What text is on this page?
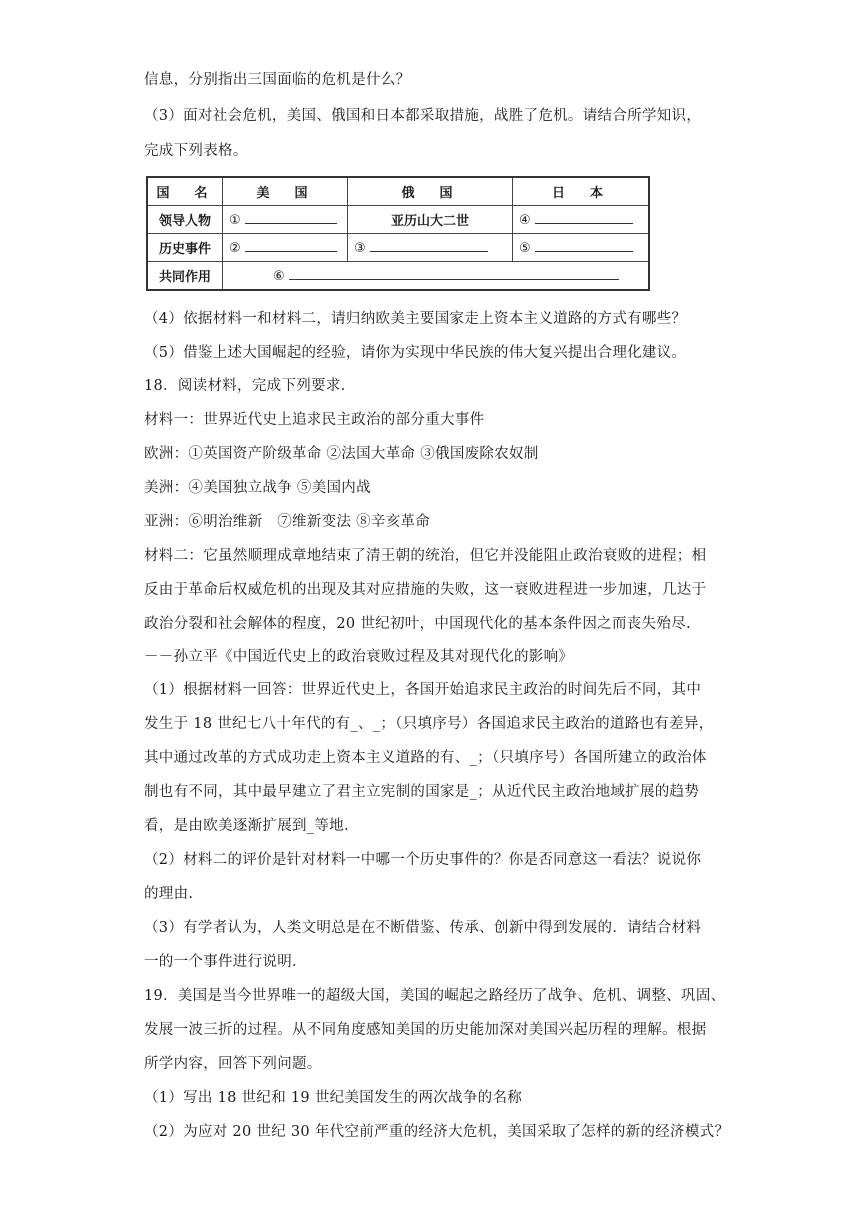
信息，分别指出三国面临的危机是什么？
（3）面对社会危机，美国、俄国和日本都采取措施，战胜了危机。请结合所学知识，
完成下列表格。
国　名	美　国	俄　国	日　本
领导人物	①	亚历山大二世	④
历史事件	②	③	⑤
共同作用	⑥		
（4）依据材料一和材料二，请归纳欧美主要国家走上资本主义道路的方式有哪些？
（5）借鉴上述大国崛起的经验，请你为实现中华民族的伟大复兴提出合理化建议。
18．阅读材料，完成下列要求.
材料一：世界近代史上追求民主政治的部分重大事件
欧洲：①英国资产阶级革命 ②法国大革命 ③俄国废除农奴制
美洲：④美国独立战争 ⑤美国内战
亚洲：⑥明治维新　⑦维新变法 ⑧辛亥革命
材料二：它虽然顺理成章地结束了清王朝的统治，但它并没能阻止政治衰败的进程；相
反由于革命后权威危机的出现及其对应措施的失败，这一衰败进程进一步加速，几达于
政治分裂和社会解体的程度，20 世纪初叶，中国现代化的基本条件因之而丧失殆尽.
－－孙立平《中国近代史上的政治衰败过程及其对现代化的影响》
（1）根据材料一回答：世界近代史上，各国开始追求民主政治的时间先后不同，其中
发生于 18 世纪七八十年代的有_、_；（只填序号）各国追求民主政治的道路也有差异，
其中通过改革的方式成功走上资本主义道路的有、_；（只填序号）各国所建立的政治体
制也有不同，其中最早建立了君主立宪制的国家是_；从近代民主政治地域扩展的趋势
看，是由欧美逐渐扩展到_等地.
（2）材料二的评价是针对材料一中哪一个历史事件的？你是否同意这一看法？说说你
的理由.
（3）有学者认为，人类文明总是在不断借鉴、传承、创新中得到发展的．请结合材料
一的一个事件进行说明.
19．美国是当今世界唯一的超级大国，美国的崛起之路经历了战争、危机、调整、巩固、
发展一波三折的过程。从不同角度感知美国的历史能加深对美国兴起历程的理解。根据
所学内容，回答下列问题。
（1）写出 18 世纪和 19 世纪美国发生的两次战争的名称
（2）为应对 20 世纪 30 年代空前严重的经济大危机，美国采取了怎样的新的经济模式？
